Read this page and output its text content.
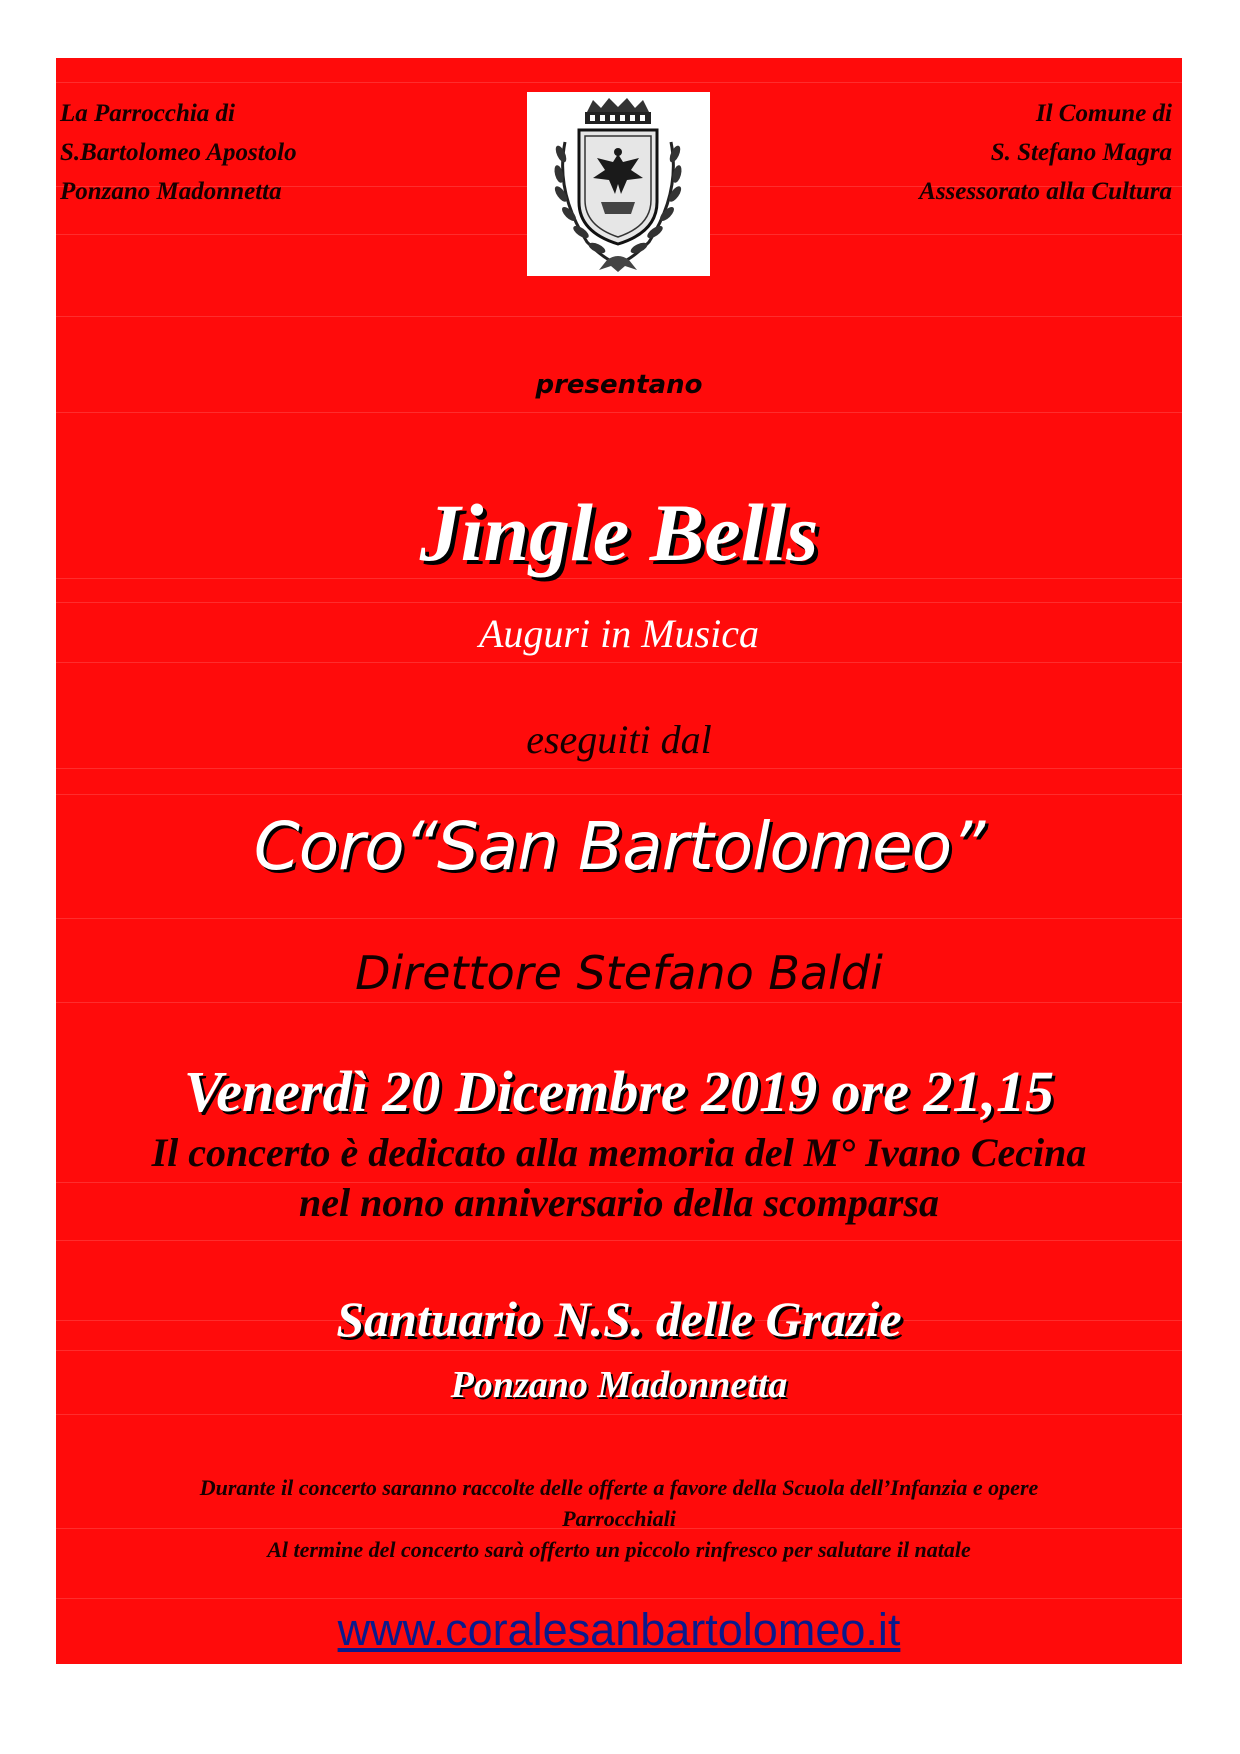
La Parrocchia di
S.Bartolomeo Apostolo
Ponzano Madonnetta
Il Comune di
S. Stefano Magra
Assessorato alla Cultura
presentano
Jingle Bells
Auguri in Musica
eseguiti dal
Coro“San Bartolomeo”
Direttore Stefano Baldi
Venerdì 20 Dicembre 2019 ore 21,15
Il concerto è dedicato alla memoria del M° Ivano Cecina
nel nono anniversario della scomparsa
Santuario N.S. delle Grazie
Ponzano Madonnetta
Durante il concerto saranno raccolte delle offerte a favore della Scuola dell’Infanzia e opere
Parrocchiali
Al termine del concerto sarà offerto un piccolo rinfresco per salutare il natale
www.coralesanbartolomeo.it
